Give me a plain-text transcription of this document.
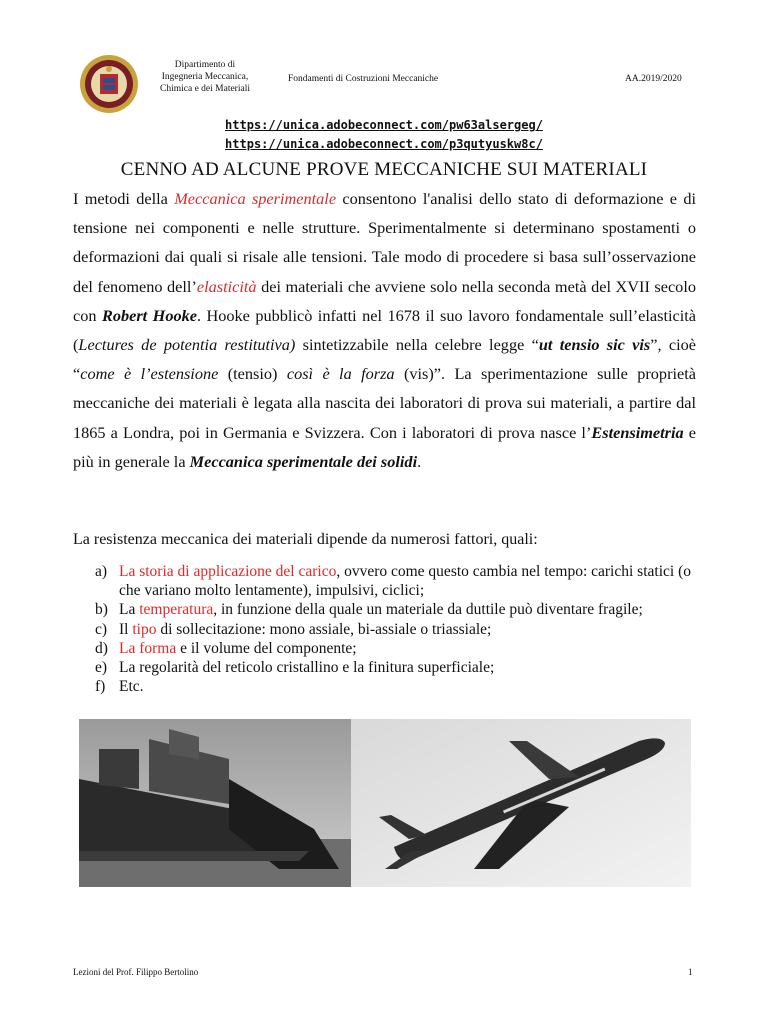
Dipartimento di
Ingegneria Meccanica,
Chimica e dei Materiali
Fondamenti di Costruzioni Meccaniche	AA.2019/2020
https://unica.adobeconnect.com/pw63alsergeg/
https://unica.adobeconnect.com/p3qutyuskw8c/
CENNO AD ALCUNE PROVE MECCANICHE SUI MATERIALI
I metodi della Meccanica sperimentale consentono l'analisi dello stato di deformazione e di tensione nei componenti e nelle strutture. Sperimentalmente si determinano spostamenti o deformazioni dai quali si risale alle tensioni. Tale modo di procedere si basa sull’osservazione del fenomeno dell’elasticità dei materiali che avviene solo nella seconda metà del XVII secolo con Robert Hooke. Hooke pubblicò infatti nel 1678 il suo lavoro fondamentale sull’elasticità (Lectures de potentia restitutiva) sintetizzabile nella celebre legge “ut tensio sic vis”, cioè “come è l’estensione (tensio) così è la forza (vis)”. La sperimentazione sulle proprietà meccaniche dei materiali è legata alla nascita dei laboratori di prova sui materiali, a partire dal 1865 a Londra, poi in Germania e Svizzera. Con i laboratori di prova nasce l’Estensimetria e più in generale la Meccanica sperimentale dei solidi.
La resistenza meccanica dei materiali dipende da numerosi fattori, quali:
a) La storia di applicazione del carico, ovvero come questo cambia nel tempo: carichi statici (o che variano molto lentamente), impulsivi, ciclici;
b) La temperatura, in funzione della quale un materiale da duttile può diventare fragile;
c) Il tipo di sollecitazione: mono assiale, bi-assiale o triassiale;
d) La forma e il volume del componente;
e) La regolarità del reticolo cristallino e la finitura superficiale;
f) Etc.
Lezioni del Prof. Filippo Bertolino	1
